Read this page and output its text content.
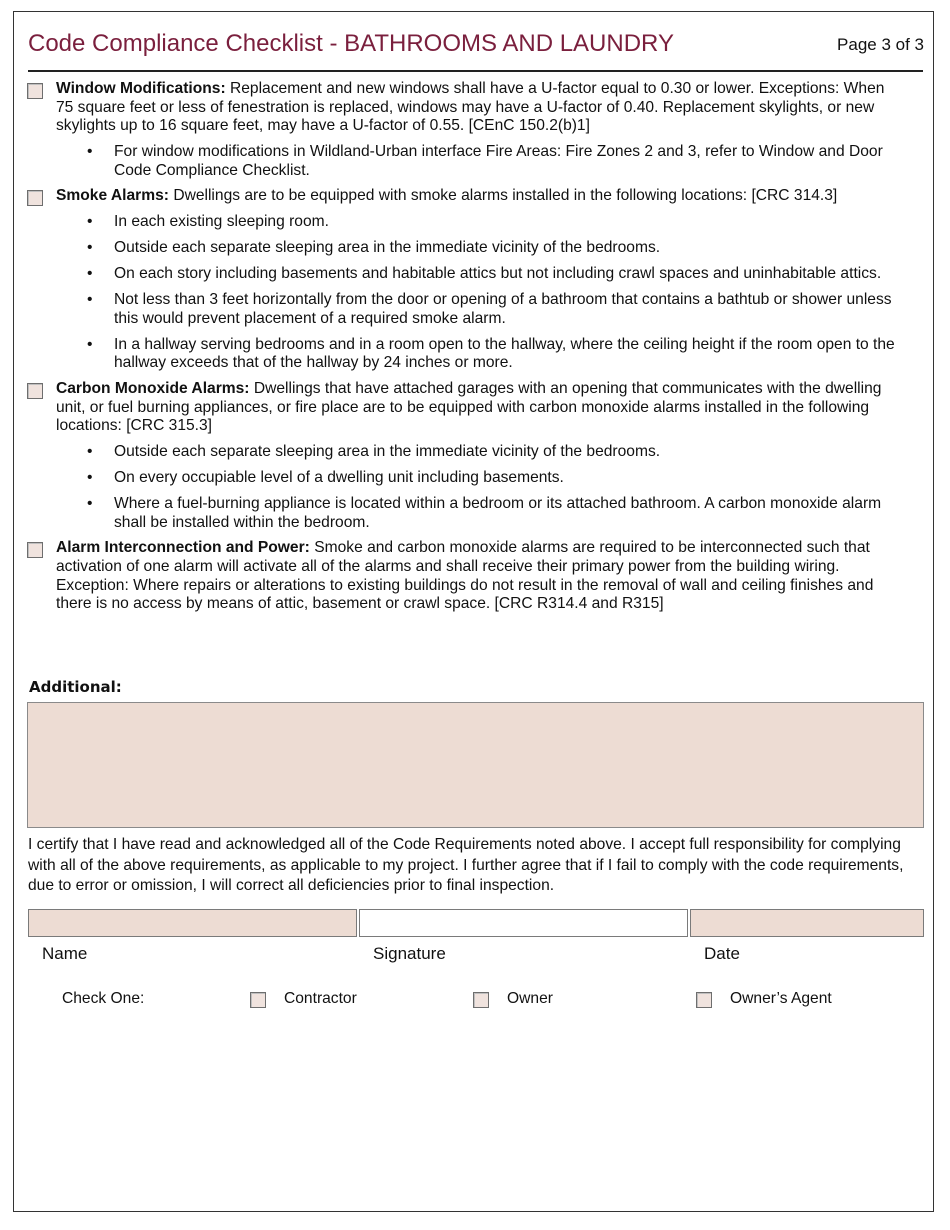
Code Compliance Checklist - BATHROOMS AND LAUNDRY	Page 3 of 3
Window Modifications: Replacement and new windows shall have a U-factor equal to 0.30 or lower. Exceptions: When 75 square feet or less of fenestration is replaced, windows may have a U-factor of 0.40. Replacement skylights, or new skylights up to 16 square feet, may have a U-factor of 0.55. [CEnC 150.2(b)1]
• For window modifications in Wildland-Urban interface Fire Areas: Fire Zones 2 and 3, refer to Window and Door Code Compliance Checklist.
Smoke Alarms: Dwellings are to be equipped with smoke alarms installed in the following locations: [CRC 314.3]
• In each existing sleeping room.
• Outside each separate sleeping area in the immediate vicinity of the bedrooms.
• On each story including basements and habitable attics but not including crawl spaces and uninhabitable attics.
• Not less than 3 feet horizontally from the door or opening of a bathroom that contains a bathtub or shower unless this would prevent placement of a required smoke alarm.
• In a hallway serving bedrooms and in a room open to the hallway, where the ceiling height if the room open to the hallway exceeds that of the hallway by 24 inches or more.
Carbon Monoxide Alarms: Dwellings that have attached garages with an opening that communicates with the dwelling unit, or fuel burning appliances, or fire place are to be equipped with carbon monoxide alarms installed in the following locations: [CRC 315.3]
• Outside each separate sleeping area in the immediate vicinity of the bedrooms.
• On every occupiable level of a dwelling unit including basements.
• Where a fuel-burning appliance is located within a bedroom or its attached bathroom. A carbon monoxide alarm shall be installed within the bedroom.
Alarm Interconnection and Power: Smoke and carbon monoxide alarms are required to be interconnected such that activation of one alarm will activate all of the alarms and shall receive their primary power from the building wiring. Exception: Where repairs or alterations to existing buildings do not result in the removal of wall and ceiling finishes and there is no access by means of attic, basement or crawl space. [CRC R314.4 and R315]
Additional:
I certify that I have read and acknowledged all of the Code Requirements noted above. I accept full responsibility for complying with all of the above requirements, as applicable to my project. I further agree that if I fail to comply with the code requirements, due to error or omission, I will correct all deficiencies prior to final inspection.
Name	Signature	Date
Check One:	Contractor	Owner	Owner’s Agent
